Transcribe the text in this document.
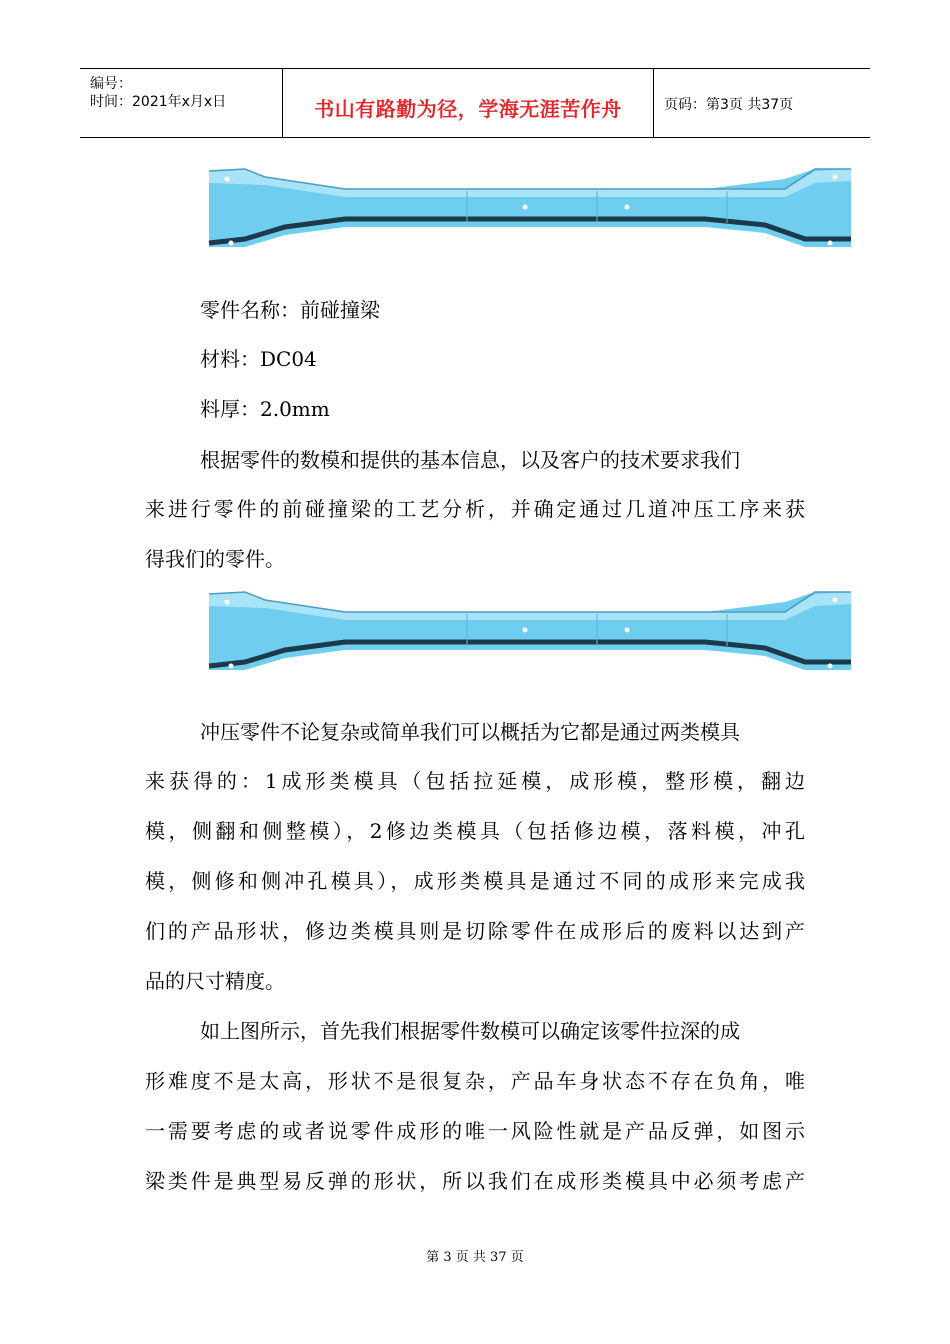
编号：
时间：2021年x月x日	书山有路勤为径，学海无涯苦作舟	页码：第3页 共37页
零件名称：前碰撞梁
材料：DC04
料厚：2.0mm
根据零件的数模和提供的基本信息，以及客户的技术要求我们
来进行零件的前碰撞梁的工艺分析，并确定通过几道冲压工序来获
得我们的零件。
冲压零件不论复杂或简单我们可以概括为它都是通过两类模具
来获得的：1成形类模具（包括拉延模，成形模，整形模，翻边
模，侧翻和侧整模），2修边类模具（包括修边模，落料模，冲孔
模，侧修和侧冲孔模具），成形类模具是通过不同的成形来完成我
们的产品形状，修边类模具则是切除零件在成形后的废料以达到产
品的尺寸精度。
如上图所示，首先我们根据零件数模可以确定该零件拉深的成
形难度不是太高，形状不是很复杂，产品车身状态不存在负角，唯
一需要考虑的或者说零件成形的唯一风险性就是产品反弹，如图示
梁类件是典型易反弹的形状，所以我们在成形类模具中必须考虑产
第 3 页 共 37 页
